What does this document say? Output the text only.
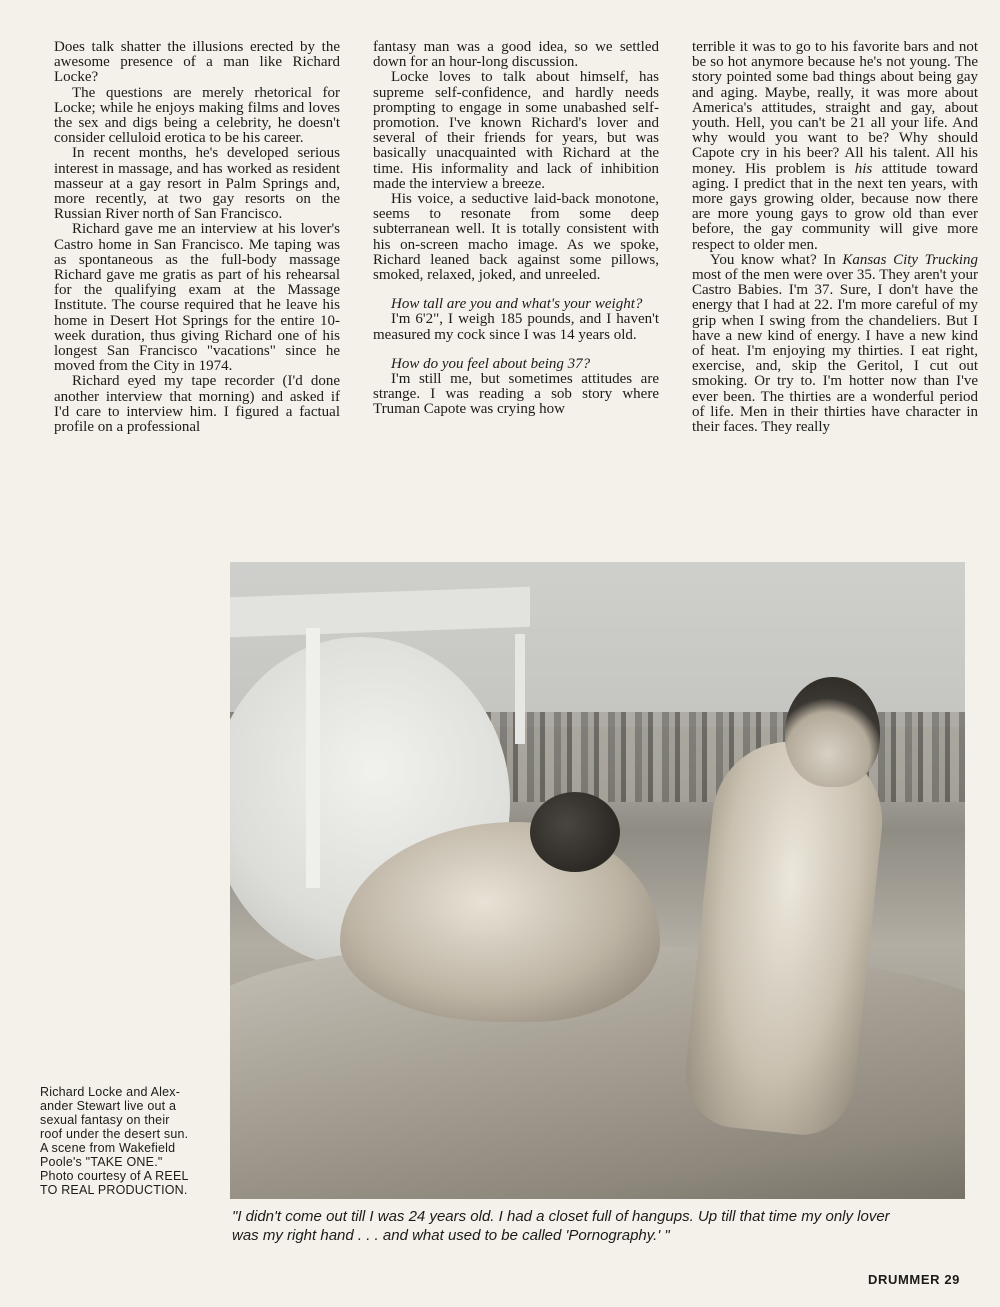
Does talk shatter the illusions erected by the awesome presence of a man like Richard Locke?

The questions are merely rhetorical for Locke; while he enjoys making films and loves the sex and digs being a celebrity, he doesn't consider celluloid erotica to be his career.

In recent months, he's developed serious interest in massage, and has worked as resident masseur at a gay resort in Palm Springs and, more recently, at two gay resorts on the Russian River north of San Francisco.

Richard gave me an interview at his lover's Castro home in San Francisco. Me taping was as spontaneous as the full-body massage Richard gave me gratis as part of his rehearsal for the qualifying exam at the Massage Institute. The course required that he leave his home in Desert Hot Springs for the entire 10-week duration, thus giving Richard one of his longest San Francisco "vacations" since he moved from the City in 1974.

Richard eyed my tape recorder (I'd done another interview that morning) and asked if I'd care to interview him. I figured a factual profile on a professional

fantasy man was a good idea, so we settled down for an hour-long discussion.

Locke loves to talk about himself, has supreme self-confidence, and hardly needs prompting to engage in some unabashed self-promotion. I've known Richard's lover and several of their friends for years, but was basically unacquainted with Richard at the time. His informality and lack of inhibition made the interview a breeze.

His voice, a seductive laid-back monotone, seems to resonate from some deep subterranean well. It is totally consistent with his on-screen macho image. As we spoke, Richard leaned back against some pillows, smoked, relaxed, joked, and unreeled.

How tall are you and what's your weight?

I'm 6'2", I weigh 185 pounds, and I haven't measured my cock since I was 14 years old.

How do you feel about being 37?

I'm still me, but sometimes attitudes are strange. I was reading a sob story where Truman Capote was crying how

terrible it was to go to his favorite bars and not be so hot anymore because he's not young. The story pointed some bad things about being gay and aging. Maybe, really, it was more about America's attitudes, straight and gay, about youth. Hell, you can't be 21 all your life. And why would you want to be? Why should Capote cry in his beer? All his talent. All his money. His problem is his attitude toward aging. I predict that in the next ten years, with more gays growing older, because now there are more young gays to grow old than ever before, the gay community will give more respect to older men.

You know what? In Kansas City Trucking most of the men were over 35. They aren't your Castro Babies. I'm 37. Sure, I don't have the energy that I had at 22. I'm more careful of my grip when I swing from the chandeliers. But I have a new kind of energy. I have a new kind of heat. I'm enjoying my thirties. I eat right, exercise, and, skip the Geritol, I cut out smoking. Or try to. I'm hotter now than I've ever been. The thirties are a wonderful period of life. Men in their thirties have character in their faces. They really

Richard Locke and Alex-

ander Stewart live out a

sexual fantasy on their

roof under the desert sun.

A scene from Wakefield

Poole's "TAKE ONE."

Photo courtesy of A REEL

TO REAL PRODUCTION.

"I didn't come out till I was 24 years old. I had a closet full of hangups. Up till that time my only lover

was my right hand . . . and what used to be called 'Pornography.' "

DRUMMER 29
